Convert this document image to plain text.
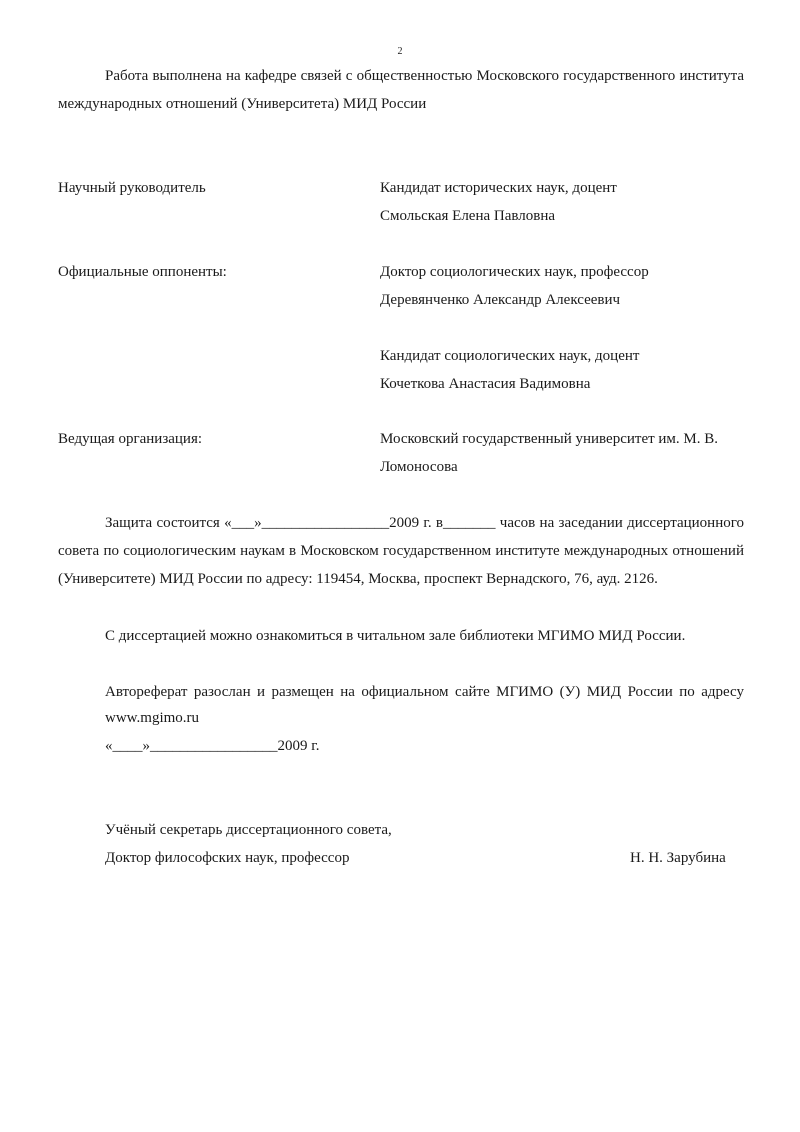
2
Работа выполнена на кафедре связей с общественностью Московского государственного института
международных отношений (Университета) МИД России
Научный руководитель	Кандидат исторических наук, доцент
Смольская Елена Павловна
Официальные оппоненты:	Доктор социологических наук, профессор
Деревянченко Александр Алексеевич
Кандидат социологических наук, доцент
Кочеткова Анастасия Вадимовна
Ведущая организация:	Московский государственный университет им. М. В.
Ломоносова
Защита состоится «___»_________________2009 г. в_______ часов на заседании диссертационного
совета по социологическим наукам в Московском государственном институте международных отношений
(Университете) МИД России по адресу: 119454, Москва, проспект Вернадского, 76, ауд. 2126.
С диссертацией можно ознакомиться в читальном зале библиотеки МГИМО МИД России.
Автореферат разослан и размещен на официальном сайте МГИМО (У) МИД России по адресу
www.mgimo.ru
«____»_________________2009 г.
Учёный секретарь диссертационного совета,
Доктор философских наук, профессор	Н. Н. Зарубина
